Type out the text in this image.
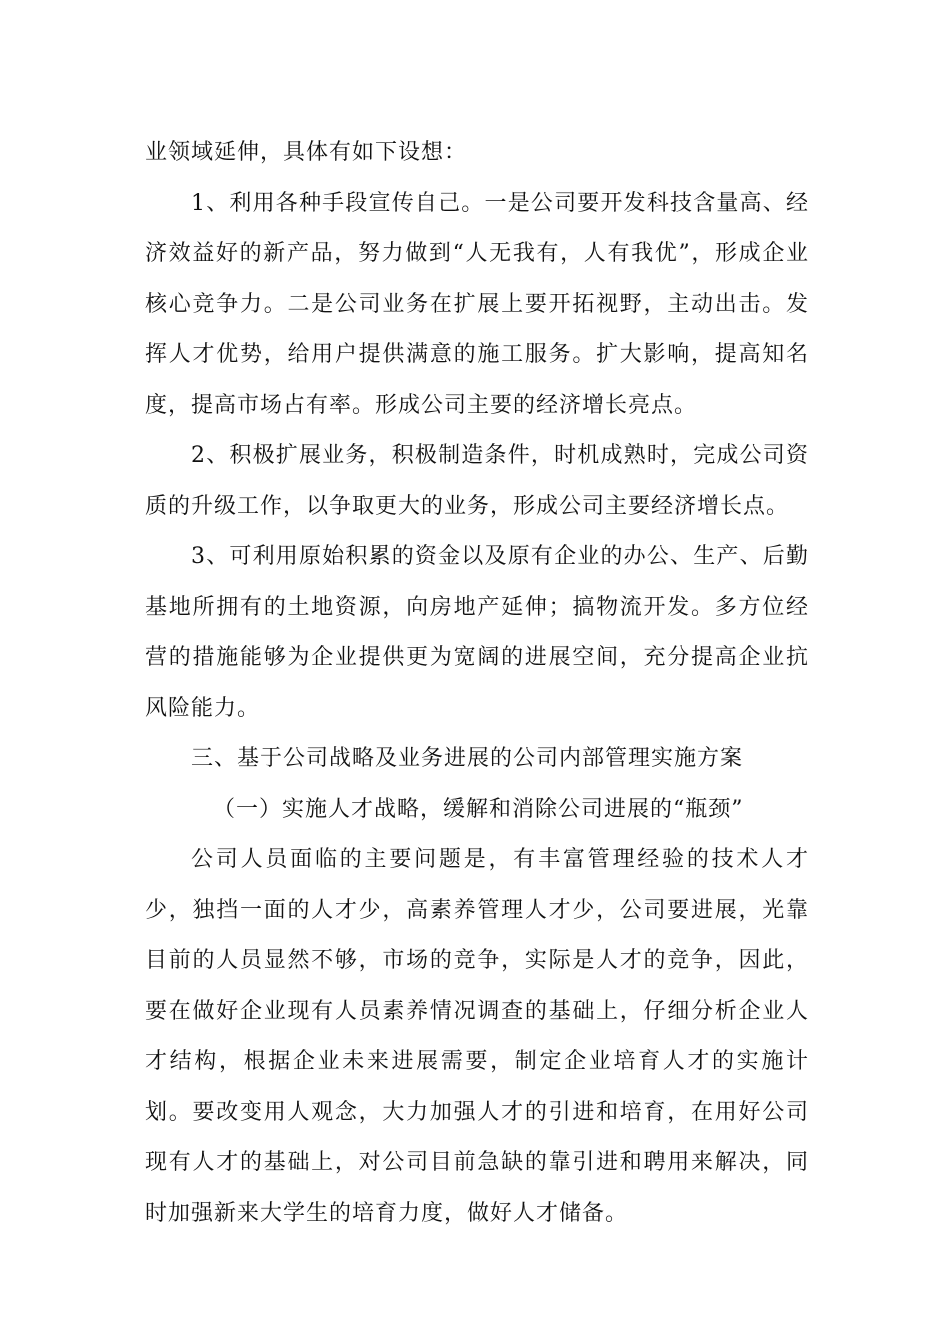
业领域延伸，具体有如下设想：

1、利用各种手段宣传自己。一是公司要开发科技含量高、经济效益好的新产品，努力做到“人无我有，人有我优”，形成企业核心竞争力。二是公司业务在扩展上要开拓视野，主动出击。发挥人才优势，给用户提供满意的施工服务。扩大影响，提高知名度，提高市场占有率。形成公司主要的经济增长亮点。

2、积极扩展业务，积极制造条件，时机成熟时，完成公司资质的升级工作，以争取更大的业务，形成公司主要经济增长点。

3、可利用原始积累的资金以及原有企业的办公、生产、后勤基地所拥有的土地资源，向房地产延伸；搞物流开发。多方位经营的措施能够为企业提供更为宽阔的进展空间，充分提高企业抗风险能力。

三、基于公司战略及业务进展的公司内部管理实施方案

（一）实施人才战略，缓解和消除公司进展的“瓶颈”

公司人员面临的主要问题是，有丰富管理经验的技术人才少，独挡一面的人才少，高素养管理人才少，公司要进展，光靠目前的人员显然不够，市场的竞争，实际是人才的竞争，因此，要在做好企业现有人员素养情况调查的基础上，仔细分析企业人才结构，根据企业未来进展需要，制定企业培育人才的实施计划。要改变用人观念，大力加强人才的引进和培育，在用好公司现有人才的基础上，对公司目前急缺的靠引进和聘用来解决，同时加强新来大学生的培育力度，做好人才储备。
